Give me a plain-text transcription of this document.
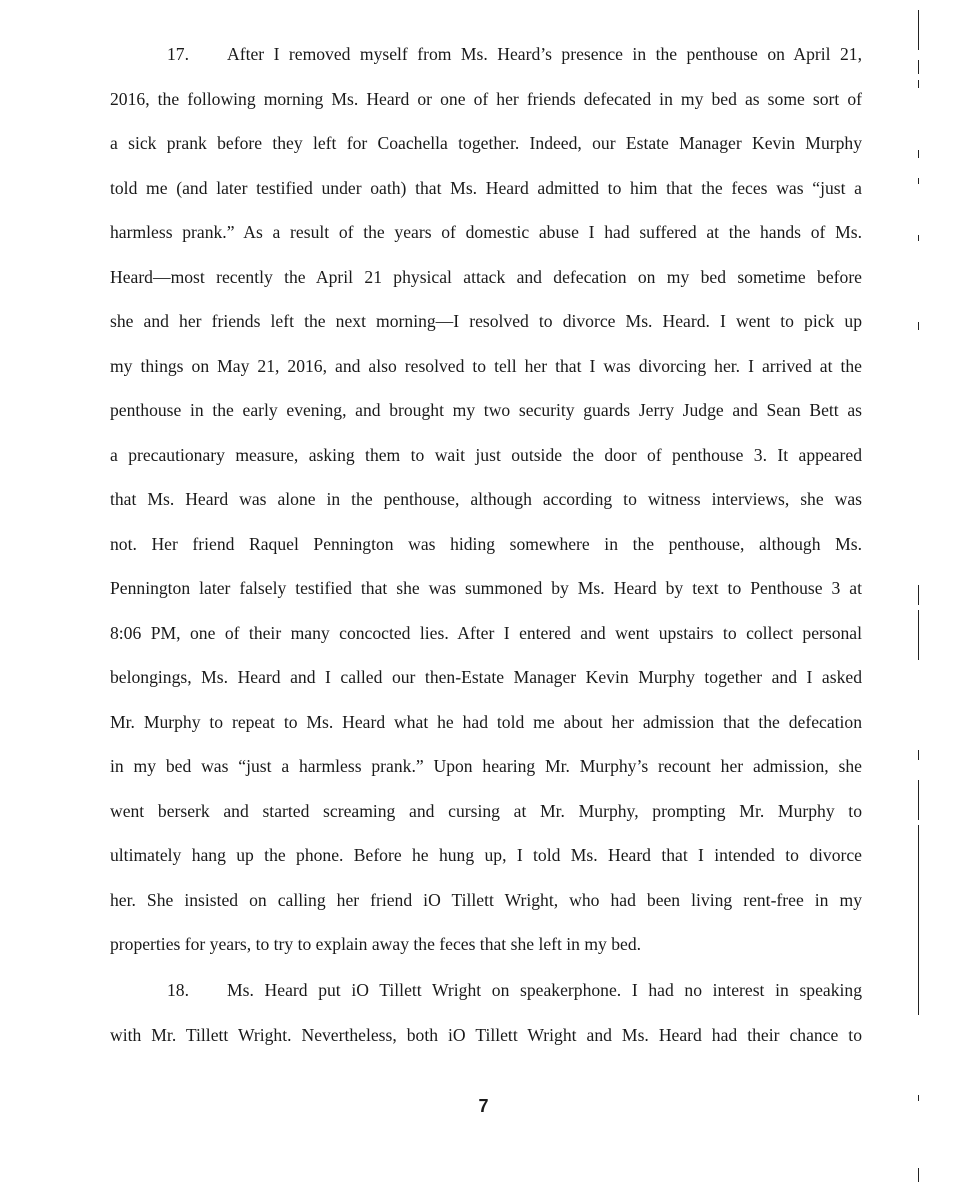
17. After I removed myself from Ms. Heard’s presence in the penthouse on April 21,
2016, the following morning Ms. Heard or one of her friends defecated in my bed as some sort of
a sick prank before they left for Coachella together. Indeed, our Estate Manager Kevin Murphy
told me (and later testified under oath) that Ms. Heard admitted to him that the feces was “just a
harmless prank.” As a result of the years of domestic abuse I had suffered at the hands of Ms.
Heard—most recently the April 21 physical attack and defecation on my bed sometime before
she and her friends left the next morning—I resolved to divorce Ms. Heard. I went to pick up
my things on May 21, 2016, and also resolved to tell her that I was divorcing her. I arrived at the
penthouse in the early evening, and brought my two security guards Jerry Judge and Sean Bett as
a precautionary measure, asking them to wait just outside the door of penthouse 3. It appeared
that Ms. Heard was alone in the penthouse, although according to witness interviews, she was
not. Her friend Raquel Pennington was hiding somewhere in the penthouse, although Ms.
Pennington later falsely testified that she was summoned by Ms. Heard by text to Penthouse 3 at
8:06 PM, one of their many concocted lies. After I entered and went upstairs to collect personal
belongings, Ms. Heard and I called our then-Estate Manager Kevin Murphy together and I asked
Mr. Murphy to repeat to Ms. Heard what he had told me about her admission that the defecation
in my bed was “just a harmless prank.” Upon hearing Mr. Murphy’s recount her admission, she
went berserk and started screaming and cursing at Mr. Murphy, prompting Mr. Murphy to
ultimately hang up the phone. Before he hung up, I told Ms. Heard that I intended to divorce
her. She insisted on calling her friend iO Tillett Wright, who had been living rent-free in my
properties for years, to try to explain away the feces that she left in my bed.
18. Ms. Heard put iO Tillett Wright on speakerphone. I had no interest in speaking
with Mr. Tillett Wright. Nevertheless, both iO Tillett Wright and Ms. Heard had their chance to
7
